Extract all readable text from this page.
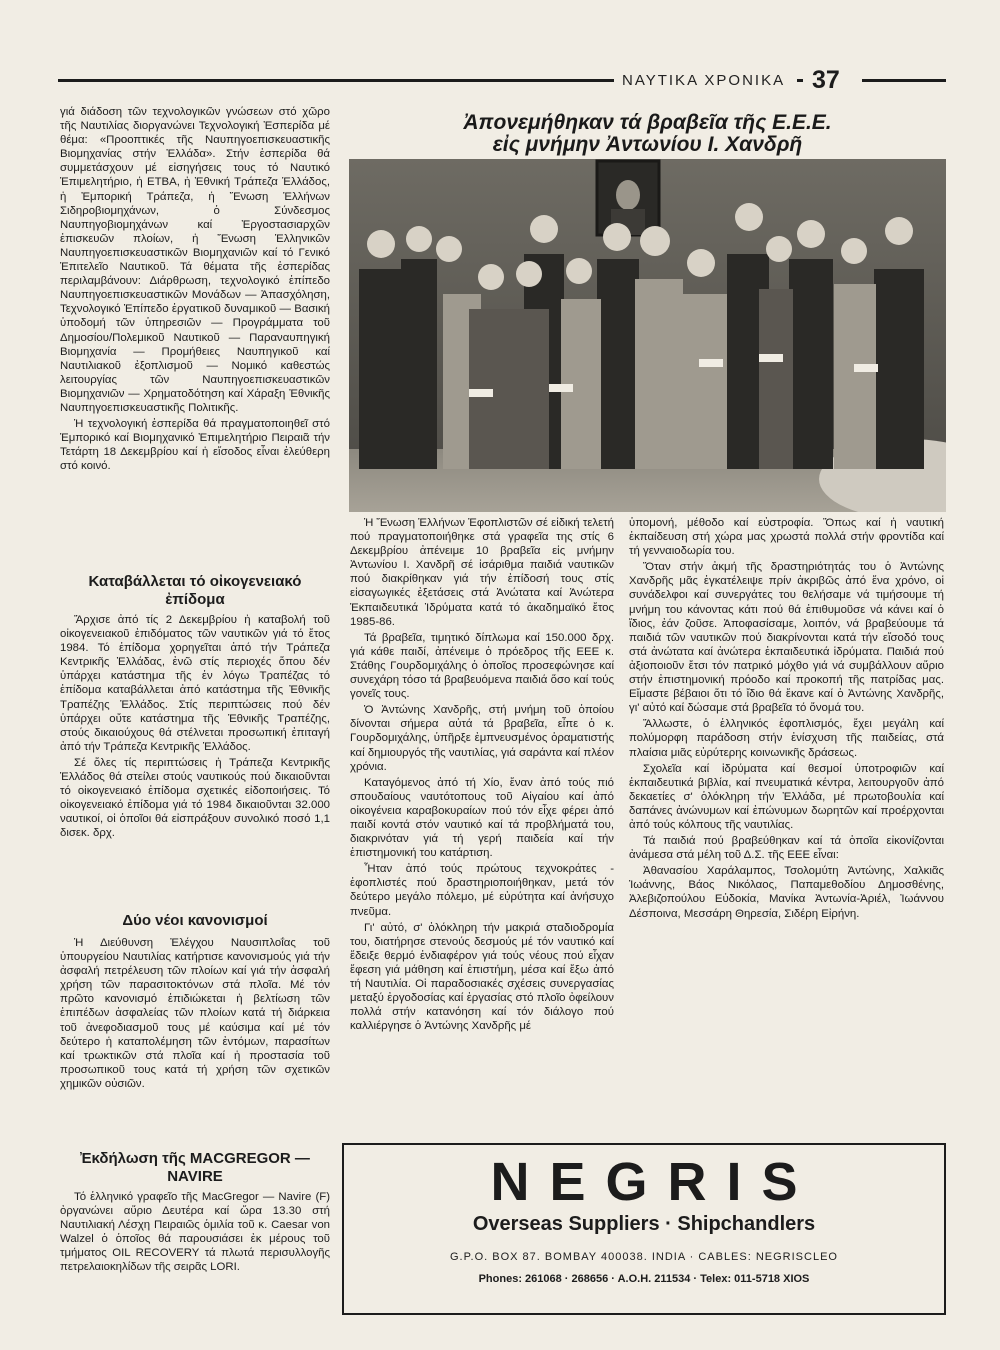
ΝΑΥΤΙΚΑ ΧΡΟΝΙΚΑ 37

γιά διάδοση τῶν τεχνολογικῶν γνώσεων στό χῶρο τῆς Ναυτιλίας διοργανώνει Τεχνολογική Ἑσπερίδα μέ θέμα: «Προοπτικές τῆς Ναυπηγοεπισκευαστικῆς Βιομηχανίας στήν Ἑλλάδα». Στήν ἑσπερίδα θά συμμετάσχουν μέ εἰσηγήσεις τους τό Ναυτικό Ἐπιμελητήριο, ἡ ΕΤΒΑ, ἡ Ἐθνική Τράπεζα Ἑλλάδος, ἡ Ἐμπορική Τράπεζα, ἡ Ἕνωση Ἑλλήνων Σιδηροβιομηχάνων, ὁ Σύνδεσμος Ναυπηγοβιομηχάνων καί Ἐργοστασιαρχῶν ἐπισκευῶν πλοίων, ἡ Ἕνωση Ἑλληνικῶν Ναυπηγοεπισκευαστικῶν Βιομηχανιῶν καί τό Γενικό Ἐπιτελεῖο Ναυτικοῦ. Τά θέματα τῆς ἑσπερίδας περιλαμβάνουν: Διάρθρωση, τεχνολογικό ἐπίπεδο Ναυπηγοεπισκευαστικῶν Μονάδων — Ἀπασχόληση, Τεχνολογικό Ἐπίπεδο ἐργατικοῦ δυναμικοῦ — Βασική ὑποδομή τῶν ὑπηρεσιῶν — Προγράμματα τοῦ Δημοσίου/Πολεμικοῦ Ναυτικοῦ — Παραναυπηγική Βιομηχανία — Προμήθειες Ναυπηγικοῦ καί Ναυτιλιακοῦ ἐξοπλισμοῦ — Νομικό καθεστώς λειτουργίας τῶν Ναυπηγοεπισκευαστικῶν Βιομηχανιῶν — Χρηματοδότηση καί Χάραξη Ἐθνικῆς Ναυπηγοεπισκευαστικῆς Πολιτικῆς.

Ἡ τεχνολογική ἑσπερίδα θά πραγματοποιηθεῖ στό Ἐμπορικό καί Βιομηχανικό Ἐπιμελητήριο Πειραιᾶ τήν Τετάρτη 18 Δεκεμβρίου καί ἡ εἴσοδος εἶναι ἐλεύθερη στό κοινό.

Καταβάλλεται τό οἰκογενειακό ἐπίδομα

Ἄρχισε ἀπό τίς 2 Δεκεμβρίου ἡ καταβολή τοῦ οἰκογενειακοῦ ἐπιδόματος τῶν ναυτικῶν γιά τό ἔτος 1984. Τό ἐπίδομα χορηγεῖται ἀπό τήν Τράπεζα Κεντρικῆς Ἑλλάδας, ἐνῶ στίς περιοχές ὅπου δέν ὑπάρχει κατάστημα τῆς ἐν λόγω Τραπέζας τό ἐπίδομα καταβάλλεται ἀπό κατάστημα τῆς Ἐθνικῆς Τραπέζης Ἑλλάδος. Στίς περιπτώσεις πού δέν ὑπάρχει οὔτε κατάστημα τῆς Ἐθνικῆς Τραπέζης, στούς δικαιούχους θά στέλνεται προσωπική ἐπιταγή ἀπό τήν Τράπεζα Κεντρικῆς Ἑλλάδος.

Σέ ὅλες τίς περιπτώσεις ἡ Τράπεζα Κεντρικῆς Ἑλλάδος θά στείλει στούς ναυτικούς πού δικαιοῦνται τό οἰκογενειακό ἐπίδομα σχετικές εἰδοποιήσεις. Τό οἰκογενειακό ἐπίδομα γιά τό 1984 δικαιοῦνται 32.000 ναυτικοί, οἱ ὁποῖοι θά εἰσπράξουν συνολικό ποσό 1,1 δισεκ. δρχ.

Δύο νέοι κανονισμοί

Ἡ Διεύθυνση Ἐλέγχου Ναυσιπλοΐας τοῦ ὑπουργείου Ναυτιλίας κατήρτισε κανονισμούς γιά τήν ἀσφαλή πετρέλευση τῶν πλοίων καί γιά τήν ἀσφαλή χρήση τῶν παρασιτοκτόνων στά πλοῖα. Μέ τόν πρῶτο κανονισμό ἐπιδιώκεται ἡ βελτίωση τῶν ἐπιπέδων ἀσφαλείας τῶν πλοίων κατά τή διάρκεια τοῦ ἀνεφοδιασμοῦ τους μέ καύσιμα καί μέ τόν δεύτερο ἡ καταπολέμηση τῶν ἐντόμων, παρασίτων καί τρωκτικῶν στά πλοῖα καί ἡ προστασία τοῦ προσωπικοῦ τους κατά τή χρήση τῶν σχετικῶν χημικῶν οὐσιῶν.

Ἐκδήλωση τῆς MACGREGOR — NAVIRE

Τό ἑλληνικό γραφεῖο τῆς MacGregor — Navire (F) ὀργανώνει αὔριο Δευτέρα καί ὥρα 13.30 στή Ναυτιλιακή Λέσχη Πειραιῶς ὁμιλία τοῦ κ. Caesar von Walzel ὁ ὁποῖος θά παρουσιάσει ἐκ μέρους τοῦ τμήματος OIL RECOVERY τά πλωτά περισυλλογῆς πετρελαιοκηλίδων τῆς σειρᾶς LORI.

Ἀπονεμήθηκαν τά βραβεῖα τῆς Ε.Ε.Ε.
εἰς μνήμην Ἀντωνίου Ι. Χανδρῆ

Ἡ Ἕνωση Ἑλλήνων Ἐφοπλιστῶν σέ εἰδική τελετή πού πραγματοποιήθηκε στά γραφεῖα της στίς 6 Δεκεμβρίου ἀπένειμε 10 βραβεῖα εἰς μνήμην Ἀντωνίου Ι. Χανδρῆ σέ ἰσάριθμα παιδιά ναυτικῶν πού διακρίθηκαν γιά τήν ἐπίδοσή τους στίς εἰσαγωγικές ἐξετάσεις στά Ἀνώτατα καί Ἀνώτερα Ἐκπαιδευτικά Ἱδρύματα κατά τό ἀκαδημαϊκό ἔτος 1985-86.

Τά βραβεῖα, τιμητικό δίπλωμα καί 150.000 δρχ. γιά κάθε παιδί, ἀπένειμε ὁ πρόεδρος τῆς ΕΕΕ κ. Στάθης Γουρδομιχάλης ὁ ὁποῖος προσεφώνησε καί συνεχάρη τόσο τά βραβευόμενα παιδιά ὅσο καί τούς γονεῖς τους.

Ὁ Ἀντώνης Χανδρῆς, στή μνήμη τοῦ ὁποίου δίνονται σήμερα αὐτά τά βραβεῖα, εἶπε ὁ κ. Γουρδομιχάλης, ὑπῆρξε ἐμπνευσμένος ὁραματιστής καί δημιουργός τῆς ναυτιλίας, γιά σαράντα καί πλέον χρόνια.

Καταγόμενος ἀπό τή Χίο, ἕναν ἀπό τούς πιό σπουδαίους ναυτότοπους τοῦ Αἰγαίου καί ἀπό οἰκογένεια καραβοκυραίων πού τόν εἶχε φέρει ἀπό παιδί κοντά στόν ναυτικό καί τά προβλήματά του, διακρινόταν γιά τή γερή παιδεία καί τήν ἐπιστημονική του κατάρτιση.

Ἦταν ἀπό τούς πρώτους τεχνοκράτες - ἐφοπλιστές πού δραστηριοποιήθηκαν, μετά τόν δεύτερο μεγάλο πόλεμο, μέ εὐρύτητα καί ἀνήσυχο πνεῦμα.

Γι' αὐτό, σ' ὁλόκληρη τήν μακριά σταδιοδρομία του, διατήρησε στενούς δεσμούς μέ τόν ναυτικό καί ἔδειξε θερμό ἐνδιαφέρον γιά τούς νέους πού εἶχαν ἔφεση γιά μάθηση καί ἐπιστήμη, μέσα καί ἔξω ἀπό τή Ναυτιλία. Οἱ παραδοσιακές σχέσεις συνεργασίας μεταξύ ἐργοδοσίας καί ἐργασίας στό πλοῖο ὀφείλουν πολλά στήν κατανόηση καί τόν διάλογο πού καλλιέργησε ὁ Ἀντώνης Χανδρῆς μέ

ὑπομονή, μέθοδο καί εὐστροφία. Ὅπως καί ἡ ναυτική ἐκπαίδευση στή χώρα μας χρωστά πολλά στήν φροντίδα καί τή γενναιοδωρία του.

Ὅταν στήν ἀκμή τῆς δραστηριότητάς του ὁ Ἀντώνης Χανδρῆς μᾶς ἐγκατέλειψε πρίν ἀκριβῶς ἀπό ἕνα χρόνο, οἱ συνάδελφοι καί συνεργάτες του θελήσαμε νά τιμήσουμε τή μνήμη του κάνοντας κάτι πού θά ἐπιθυμοῦσε νά κάνει καί ὁ ἴδιος, ἐάν ζοῦσε. Ἀποφασίσαμε, λοιπόν, νά βραβεύουμε τά παιδιά τῶν ναυτικῶν πού διακρίνονται κατά τήν εἴσοδό τους στά ἀνώτατα καί ἀνώτερα ἐκπαιδευτικά ἱδρύματα. Παιδιά πού ἀξιοποιοῦν ἔτσι τόν πατρικό μόχθο γιά νά συμβάλλουν αὔριο στήν ἐπιστημονική πρόοδο καί προκοπή τῆς πατρίδας μας. Εἴμαστε βέβαιοι ὅτι τό ἴδιο θά ἔκανε καί ὁ Ἀντώνης Χανδρῆς, γι' αὐτό καί δώσαμε στά βραβεῖα τό ὄνομά του.

Ἄλλωστε, ὁ ἑλληνικός ἐφοπλισμός, ἔχει μεγάλη καί πολύμορφη παράδοση στήν ἐνίσχυση τῆς παιδείας, στά πλαίσια μιᾶς εὐρύτερης κοινωνικῆς δράσεως.

Σχολεῖα καί ἱδρύματα καί θεσμοί ὑποτροφιῶν καί ἐκπαιδευτικά βιβλία, καί πνευματικά κέντρα, λειτουργοῦν ἀπό δεκαετίες σ' ὁλόκληρη τήν Ἑλλάδα, μέ πρωτοβουλία καί δαπάνες ἀνώνυμων καί ἐπώνυμων δωρητῶν καί προέρχονται ἀπό τούς κόλπους τῆς ναυτιλίας.

Τά παιδιά πού βραβεύθηκαν καί τά ὁποῖα εἰκονίζονται ἀνάμεσα στά μέλη τοῦ Δ.Σ. τῆς ΕΕΕ εἶναι:

Ἀθανασίου Χαράλαμπος, Τσολομύτη Ἀντώνης, Χαλκιᾶς Ἰωάννης, Βάος Νικόλαος, Παπαμεθοδίου Δημοσθένης, Ἀλεβιζοπούλου Εὐδοκία, Μανίκα Ἀντωνία-Ἀριέλ, Ἰωάννου Δέσποινα, Μεσσάρη Θηρεσία, Σιδέρη Εἰρήνη.

NEGRIS
Overseas Suppliers · Shipchandlers
G.P.O. BOX 87. BOMBAY 400038. INDIA · CABLES: NEGRISCLEO
Phones: 261068 · 268656 · A.O.H. 211534 · Telex: 011-5718 XIOS
